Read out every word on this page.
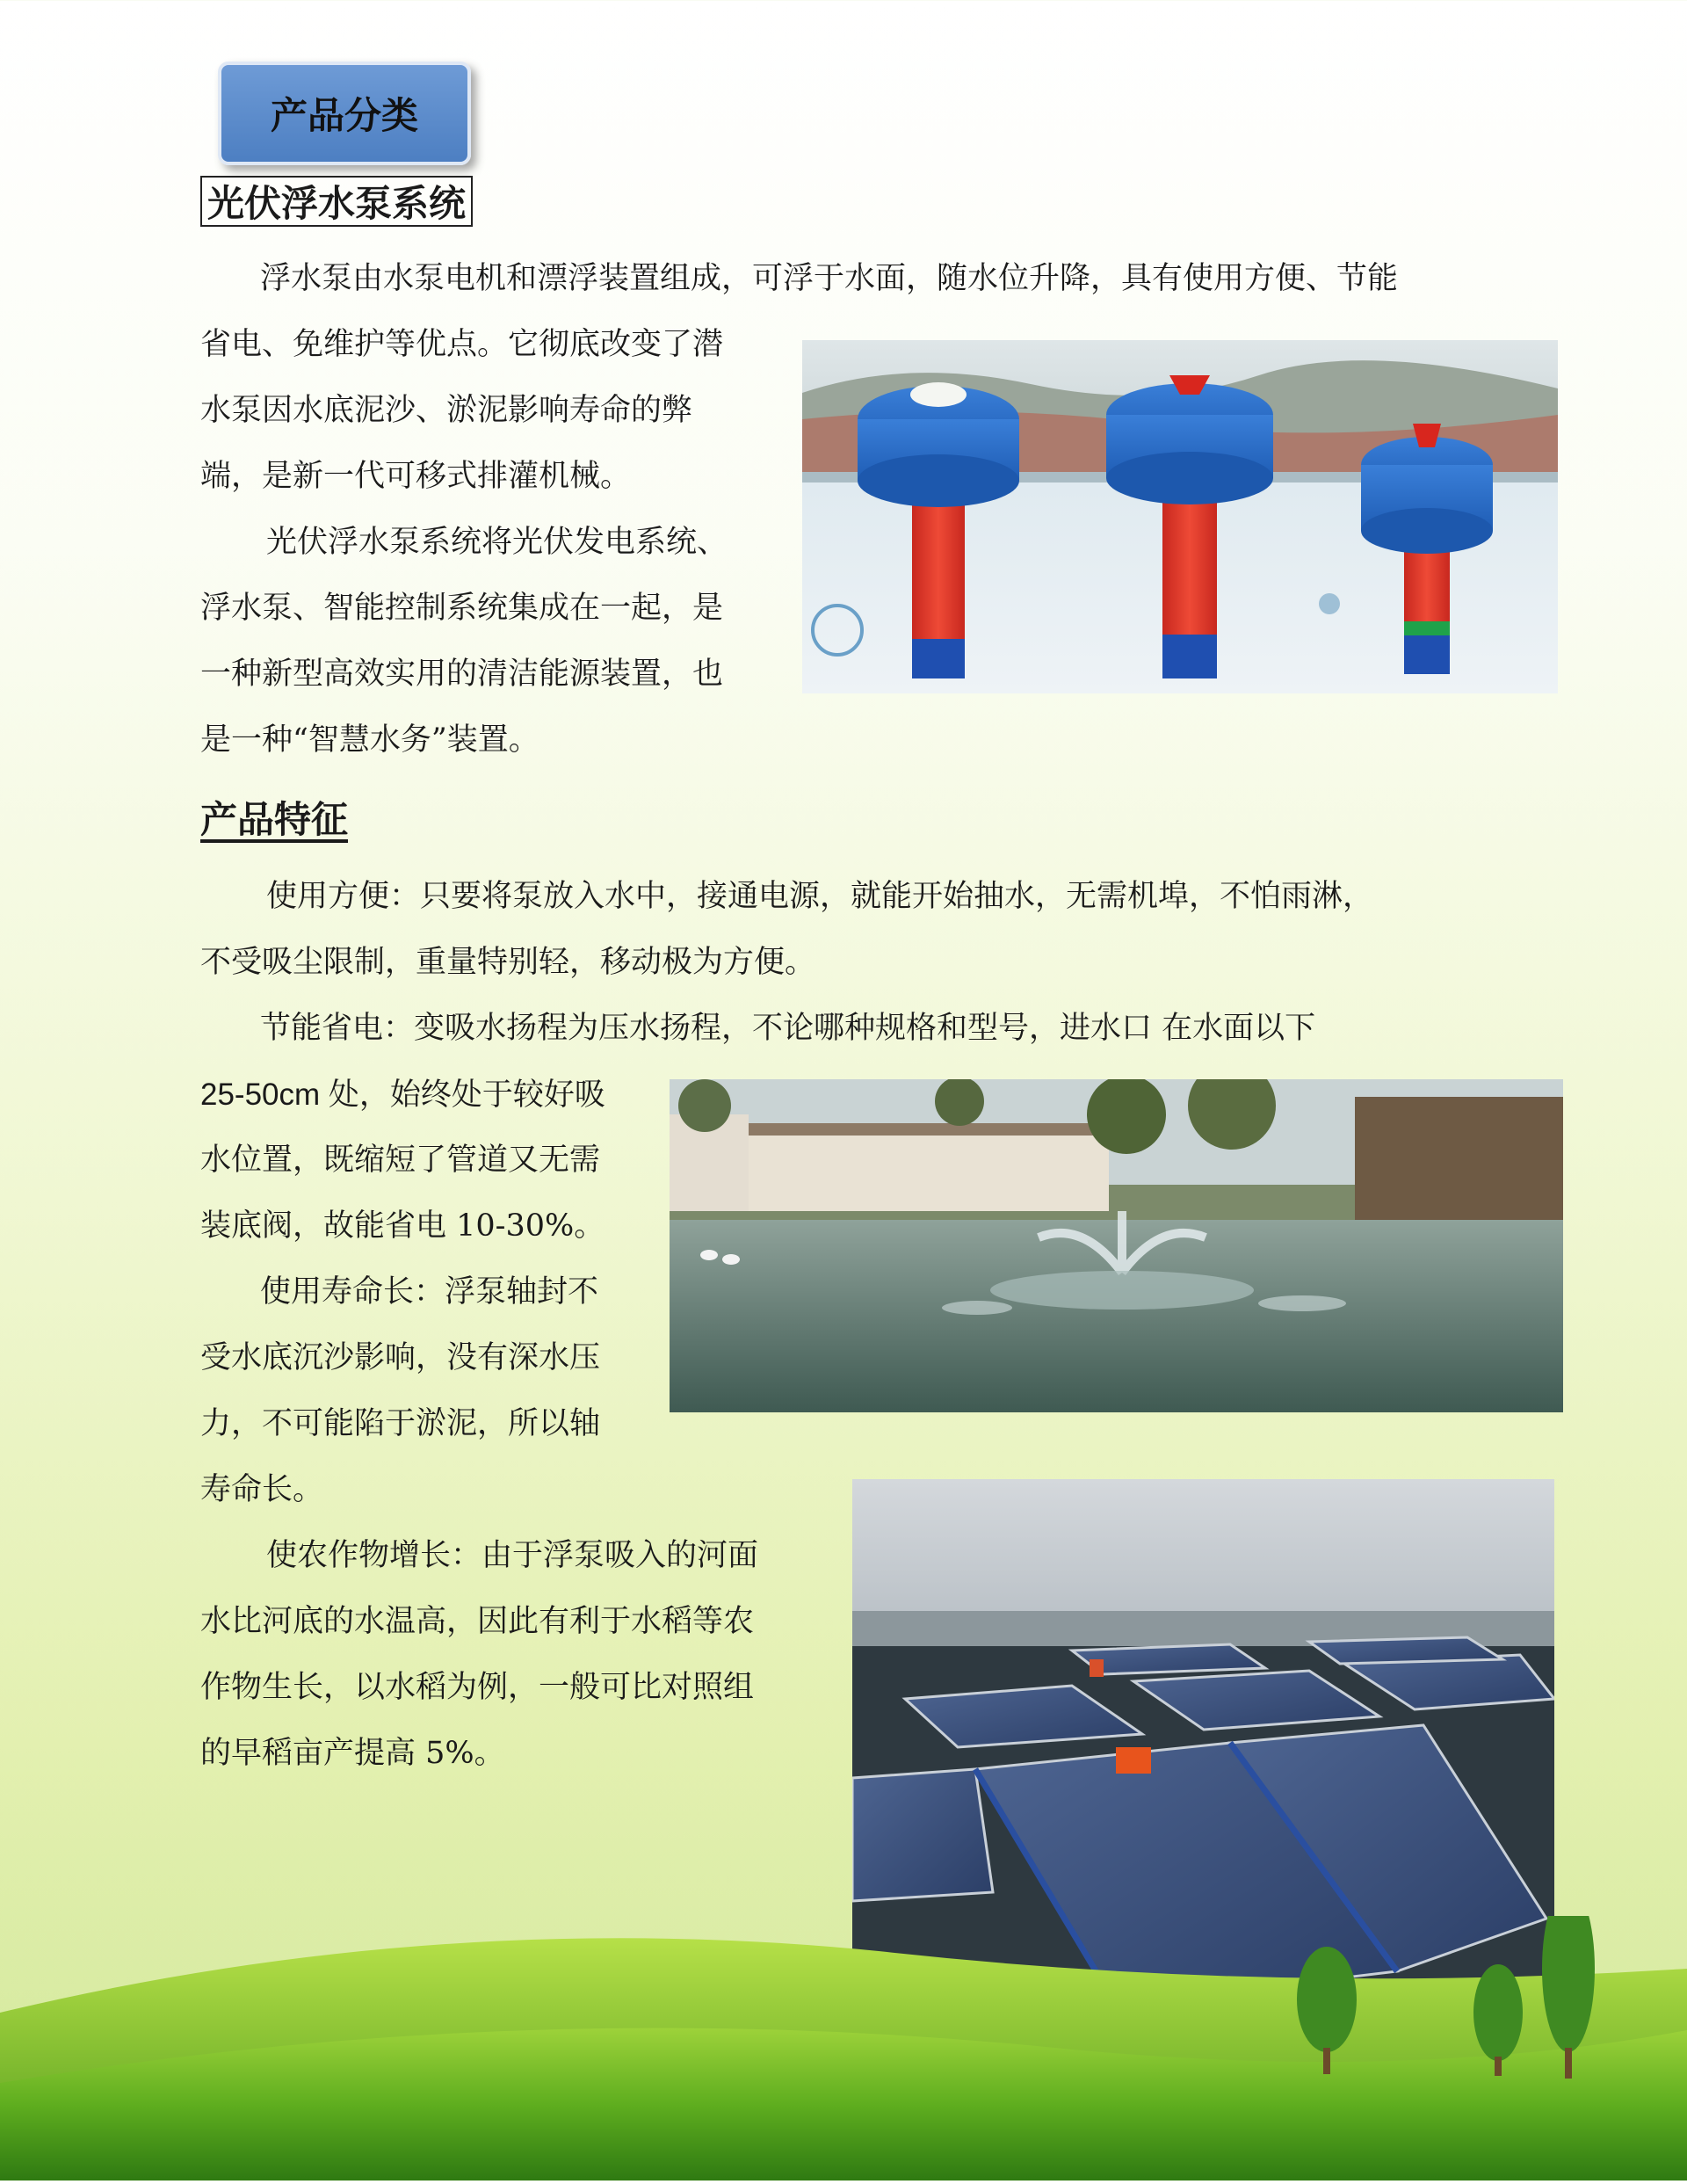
产品分类
光伏浮水泵系统

浮水泵由水泵电机和漂浮装置组成，可浮于水面，随水位升降，具有使用方便、节能

省电、免维护等优点。它彻底改变了潜

水泵因水底泥沙、淤泥影响寿命的弊

端，是新一代可移式排灌机械。

光伏浮水泵系统将光伏发电系统、

浮水泵、智能控制系统集成在一起，是

一种新型高效实用的清洁能源装置，也

是一种“智慧水务”装置。

产品特征

使用方便：只要将泵放入水中，接通电源，就能开始抽水，无需机埠，不怕雨淋，

不受吸尘限制，重量特别轻，移动极为方便。

节能省电：变吸水扬程为压水扬程，不论哪种规格和型号，进水口 在水面以下

25-50cm 处，始终处于较好吸

水位置，既缩短了管道又无需

装底阀，故能省电 10-30%。

使用寿命长：浮泵轴封不

受水底沉沙影响，没有深水压

力，不可能陷于淤泥，所以轴

寿命长。

使农作物增长：由于浮泵吸入的河面

水比河底的水温高，因此有利于水稻等农

作物生长，以水稻为例，一般可比对照组

的早稻亩产提高 5%。
